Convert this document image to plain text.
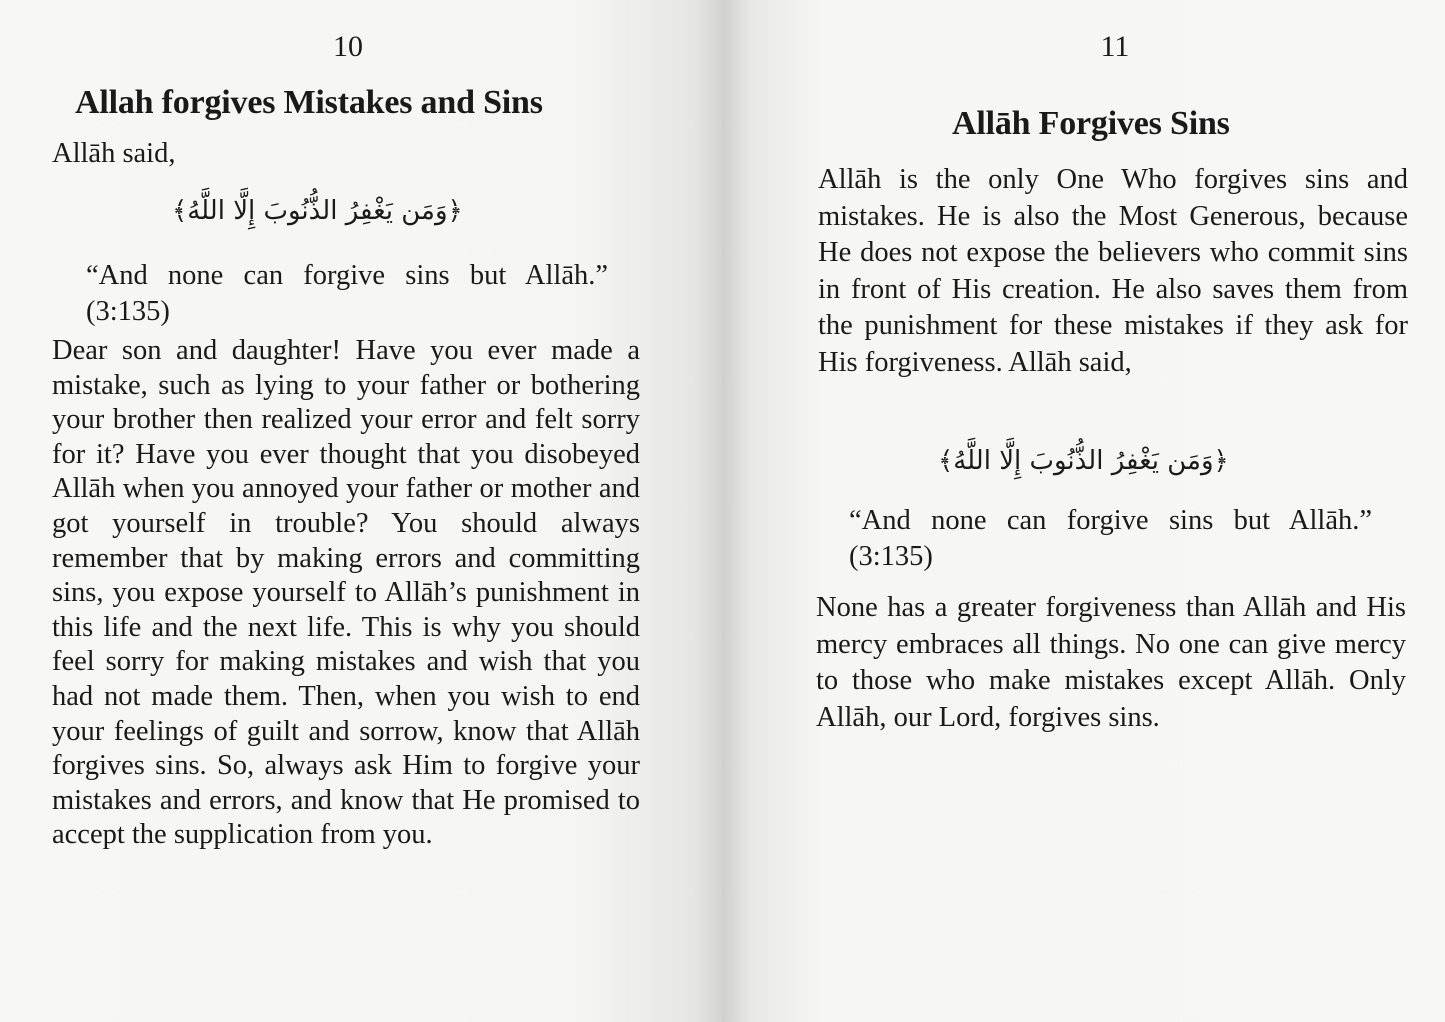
10
Allah forgives Mistakes and Sins
Allāh said,
﴿وَمَن يَغْفِرُ الذُّنُوبَ إِلَّا اللَّهُ﴾

“And none can forgive sins but Allāh.” (3:135)

Dear son and daughter! Have you ever made a mistake, such as lying to your father or bothering your brother then realized your error and felt sorry for it? Have you ever thought that you disobeyed Allāh when you annoyed your father or mother and got yourself in trouble? You should always remember that by making errors and committing sins, you expose yourself to Allāh’s punishment in this life and the next life. This is why you should feel sorry for making mistakes and wish that you had not made them. Then, when you wish to end your feelings of guilt and sorrow, know that Allāh forgives sins. So, always ask Him to forgive your mistakes and errors, and know that He promised to accept the supplication from you.

11
Allāh Forgives Sins

Allāh is the only One Who forgives sins and mistakes. He is also the Most Generous, because He does not expose the believers who commit sins in front of His creation. He also saves them from the punishment for these mistakes if they ask for His forgiveness. Allāh said,

﴿وَمَن يَغْفِرُ الذُّنُوبَ إِلَّا اللَّهُ﴾

“And none can forgive sins but Allāh.” (3:135)

None has a greater forgiveness than Allāh and His mercy embraces all things. No one can give mercy to those who make mistakes except Allāh. Only Allāh, our Lord, forgives sins.
